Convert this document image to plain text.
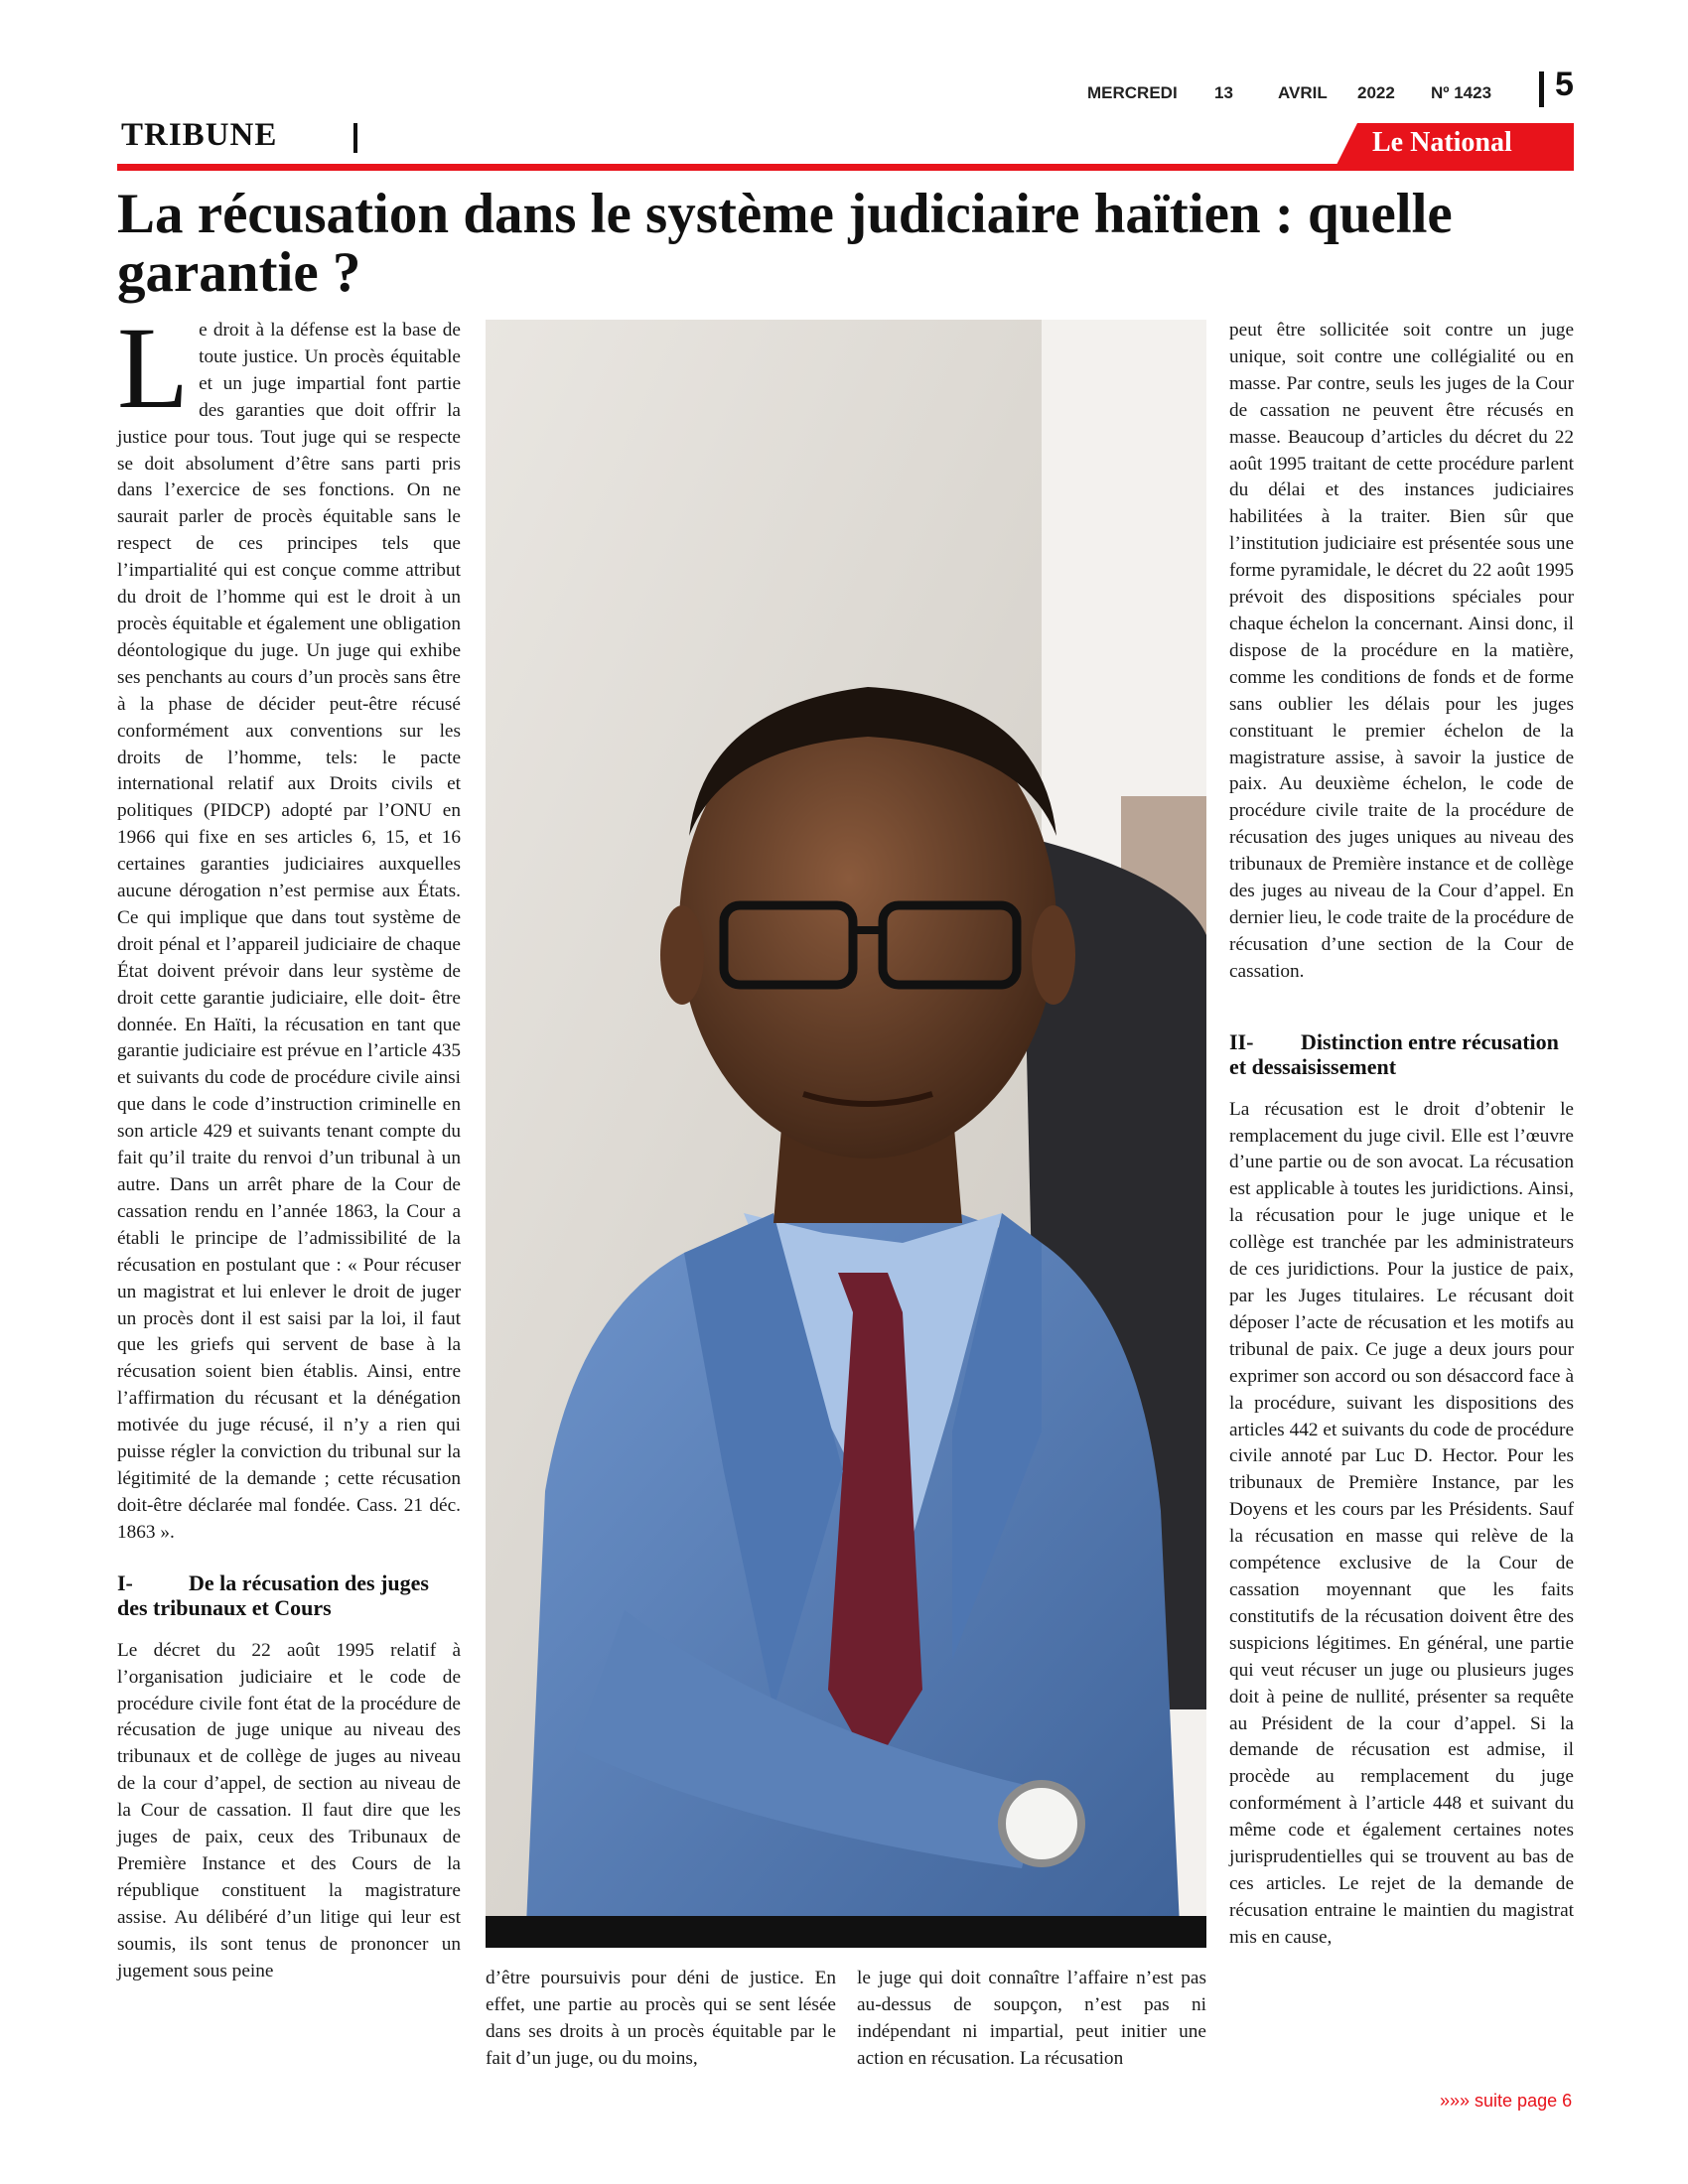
MERCREDI 13	AVRIL 2022 Nº 1423 5
TRIBUNE	Le National
La récusation dans le système judiciaire haïtien : quelle garantie ?
L e droit à la défense est la base de toute justice. Un procès équitable et un juge impartial font partie des garanties que doit offrir la justice pour tous. Tout juge qui se respecte se doit absolument d’être sans parti pris dans l’exercice de ses fonctions. On ne saurait parler de procès équitable sans le respect de ces principes tels que l’impartialité qui est conçue comme attribut du droit de l’homme qui est le droit à un procès équitable et également une obligation déontologique du juge. Un juge qui exhibe ses penchants au cours d’un procès sans être à la phase de décider peut-être récusé conformément aux conventions sur les droits de l’homme, tels: le pacte international relatif aux Droits civils et politiques (PIDCP) adopté par l’ONU en 1966 qui fixe en ses articles 6, 15, et 16 certaines garanties judiciaires auxquelles aucune dérogation n’est permise aux États. Ce qui implique que dans tout système de droit pénal et l’appareil judiciaire de chaque État doivent prévoir dans leur système de droit cette garantie judiciaire, elle doit- être donnée. En Haïti, la récusation en tant que garantie judiciaire est prévue en l’article 435 et suivants du code de procédure civile ainsi que dans le code d’instruction criminelle en son article 429 et suivants tenant compte du fait qu’il traite du renvoi d’un tribunal à un autre. Dans un arrêt phare de la Cour de cassation rendu en l’année 1863, la Cour a établi le principe de l’admissibilité de la récusation en postulant que : « Pour récuser un magistrat et lui enlever le droit de juger un procès dont il est saisi par la loi, il faut que les griefs qui servent de base à la récusation soient bien établis. Ainsi, entre l’affirmation du récusant et la dénégation motivée du juge récusé, il n’y a rien qui puisse régler la conviction du tribunal sur la légitimité de la demande ; cette récusation doit-être déclarée mal fondée. Cass. 21 déc. 1863 ».

I-	De la récusation des juges des tribunaux et Cours

Le décret du 22 août 1995 relatif à l’organisation judiciaire et le code de procédure civile font état de la procédure de récusation de juge unique au niveau des tribunaux et de collège de juges au niveau de la cour d’appel, de section au niveau de la Cour de cassation. Il faut dire que les juges de paix, ceux des Tribunaux de Première Instance et des Cours de la république constituent la magistrature assise. Au délibéré d’un litige qui leur est soumis, ils sont tenus de prononcer un jugement sous peine	d’être poursuivis pour déni de justice. En effet, une partie au procès qui se sent lésée dans ses droits à un procès équitable par le fait d’un juge, ou du moins,

le juge qui doit connaître l’affaire n’est pas au-dessus de soupçon, n’est pas ni indépendant ni impartial, peut initier une action en récusation. La récusation

peut être sollicitée soit contre un juge unique, soit contre une collégialité ou en masse. Par contre, seuls les juges de la Cour de cassation ne peuvent être récusés en masse. Beaucoup d’articles du décret du 22 août 1995 traitant de cette procédure parlent du délai et des instances judiciaires habilitées à la traiter. Bien sûr que l’institution judiciaire est présentée sous une forme pyramidale, le décret du 22 août 1995 prévoit des dispositions spéciales pour chaque échelon la concernant. Ainsi donc, il dispose de la procédure en la matière, comme les conditions de fonds et de forme sans oublier les délais pour les juges constituant le premier échelon de la magistrature assise, à savoir la justice de paix. Au deuxième échelon, le code de procédure civile traite de la procédure de récusation des juges uniques au niveau des tribunaux de Première instance et de collège des juges au niveau de la Cour d’appel. En dernier lieu, le code traite de la procédure de récusation d’une section de la Cour de cassation.

II- Distinction entre récusation et dessaisissement

La récusation est le droit d’obtenir le remplacement du juge civil. Elle est l’œuvre d’une partie ou de son avocat. La récusation est applicable à toutes les juridictions. Ainsi, la récusation pour le juge unique et le collège est tranchée par les administrateurs de ces juridictions. Pour la justice de paix, par les Juges titulaires. Le récusant doit déposer l’acte de récusation et les motifs au tribunal de paix. Ce juge a deux jours pour exprimer son accord ou son désaccord face à la procédure, suivant les dispositions des articles 442 et suivants du code de procédure civile annoté par Luc D. Hector. Pour les tribunaux de Première Instance, par les Doyens et les cours par les Présidents. Sauf la récusation en masse qui relève de la compétence exclusive de la Cour de cassation moyennant que les faits constitutifs de la récusation doivent être des suspicions légitimes. En général, une partie qui veut récuser un juge ou plusieurs juges doit à peine de nullité, présenter sa requête au Président de la cour d’appel. Si la demande de récusation est admise, il procède au remplacement du juge conformément à l’article 448 et suivant du même code et également certaines notes jurisprudentielles qui se trouvent au bas de ces articles. Le rejet de la demande de récusation entraine le maintien du magistrat mis en cause,

»»» suite page 6
